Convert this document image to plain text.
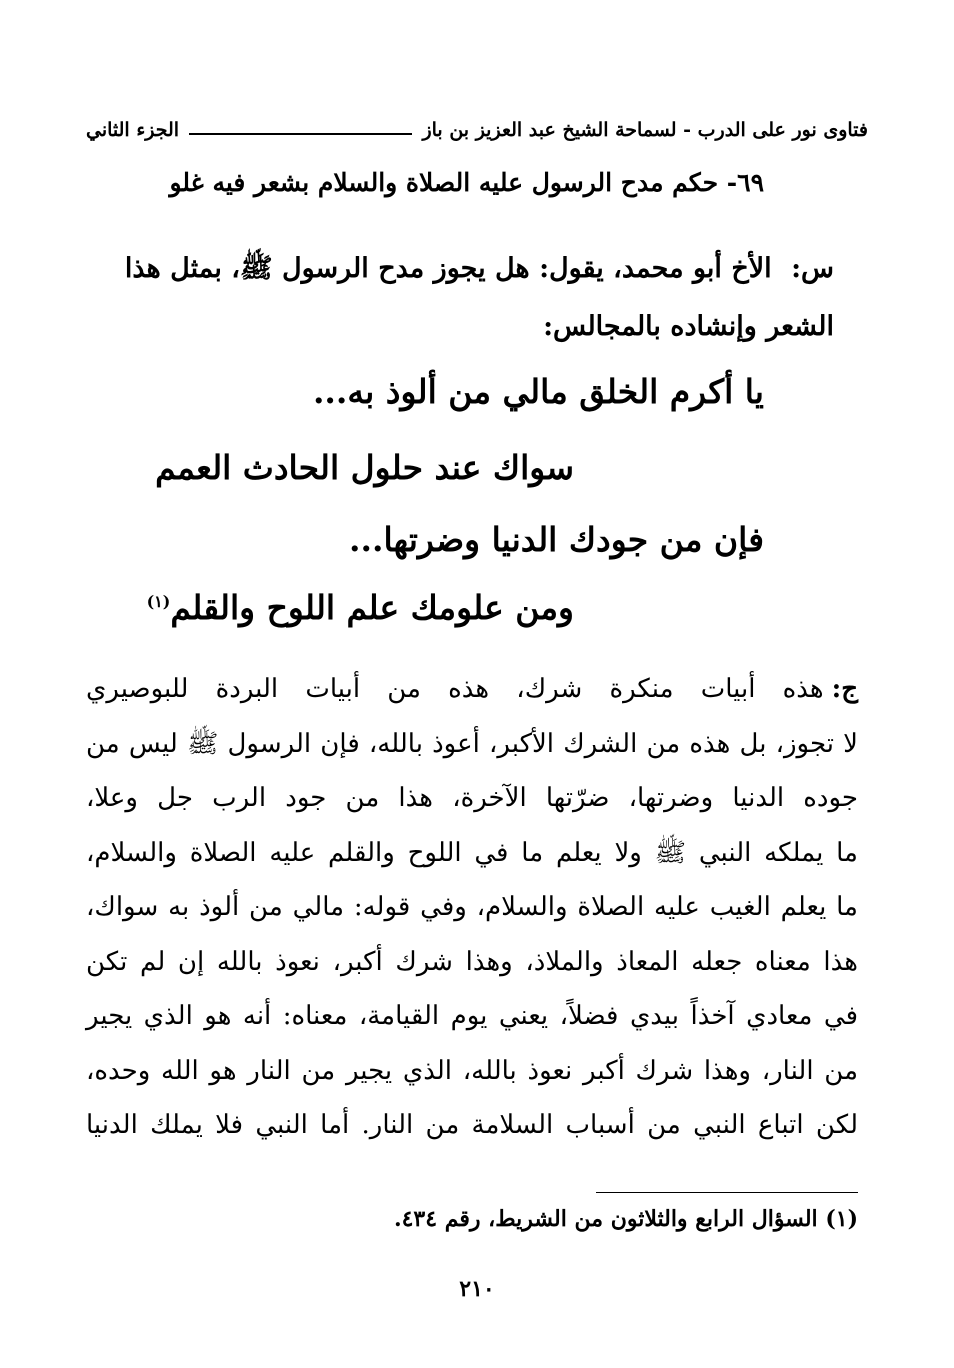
فتاوى نور على الدرب - لسماحة الشيخ عبد العزيز بن باز
الجزء الثاني
٦٩- حكم مدح الرسول عليه الصلاة والسلام بشعر فيه غلو
س: الأخ أبو محمد، يقول: هل يجوز مدح الرسول ﷺ، بمثل هذا الشعر وإنشاده بالمجالس:
يا أكرم الخلق مالي من ألوذ به...
سواك عند حلول الحادث العمم
فإن من جودك الدنيا وضرتها...
ومن علومك علم اللوح والقلم$^{(١)}$
ج:هذه أبيات منكرة شرك، هذه من أبيات البردة للبوصيري
لا تجوز، بل هذه من الشرك الأكبر، أعوذ بالله، فإن الرسول ﷺ ليس من
جوده الدنيا وضرتها، ضرّتها الآخرة، هذا من جود الرب جل وعلا،
ما يملكه النبي ﷺ ولا يعلم ما في اللوح والقلم عليه الصلاة والسلام،
ما يعلم الغيب عليه الصلاة والسلام، وفي قوله: مالي من ألوذ به سواك،
هذا معناه جعله المعاذ والملاذ، وهذا شرك أكبر، نعوذ بالله إن لم تكن
في معادي آخذاً بيدي فضلاً، يعني يوم القيامة، معناه: أنه هو الذي يجير
من النار، وهذا شرك أكبر نعوذ بالله، الذي يجير من النار هو الله وحده،
لكن اتباع النبي من أسباب السلامة من النار. أما النبي فلا يملك الدنيا
(١) السؤال الرابع والثلاثون من الشريط، رقم ٤٣٤.
٢١٠
